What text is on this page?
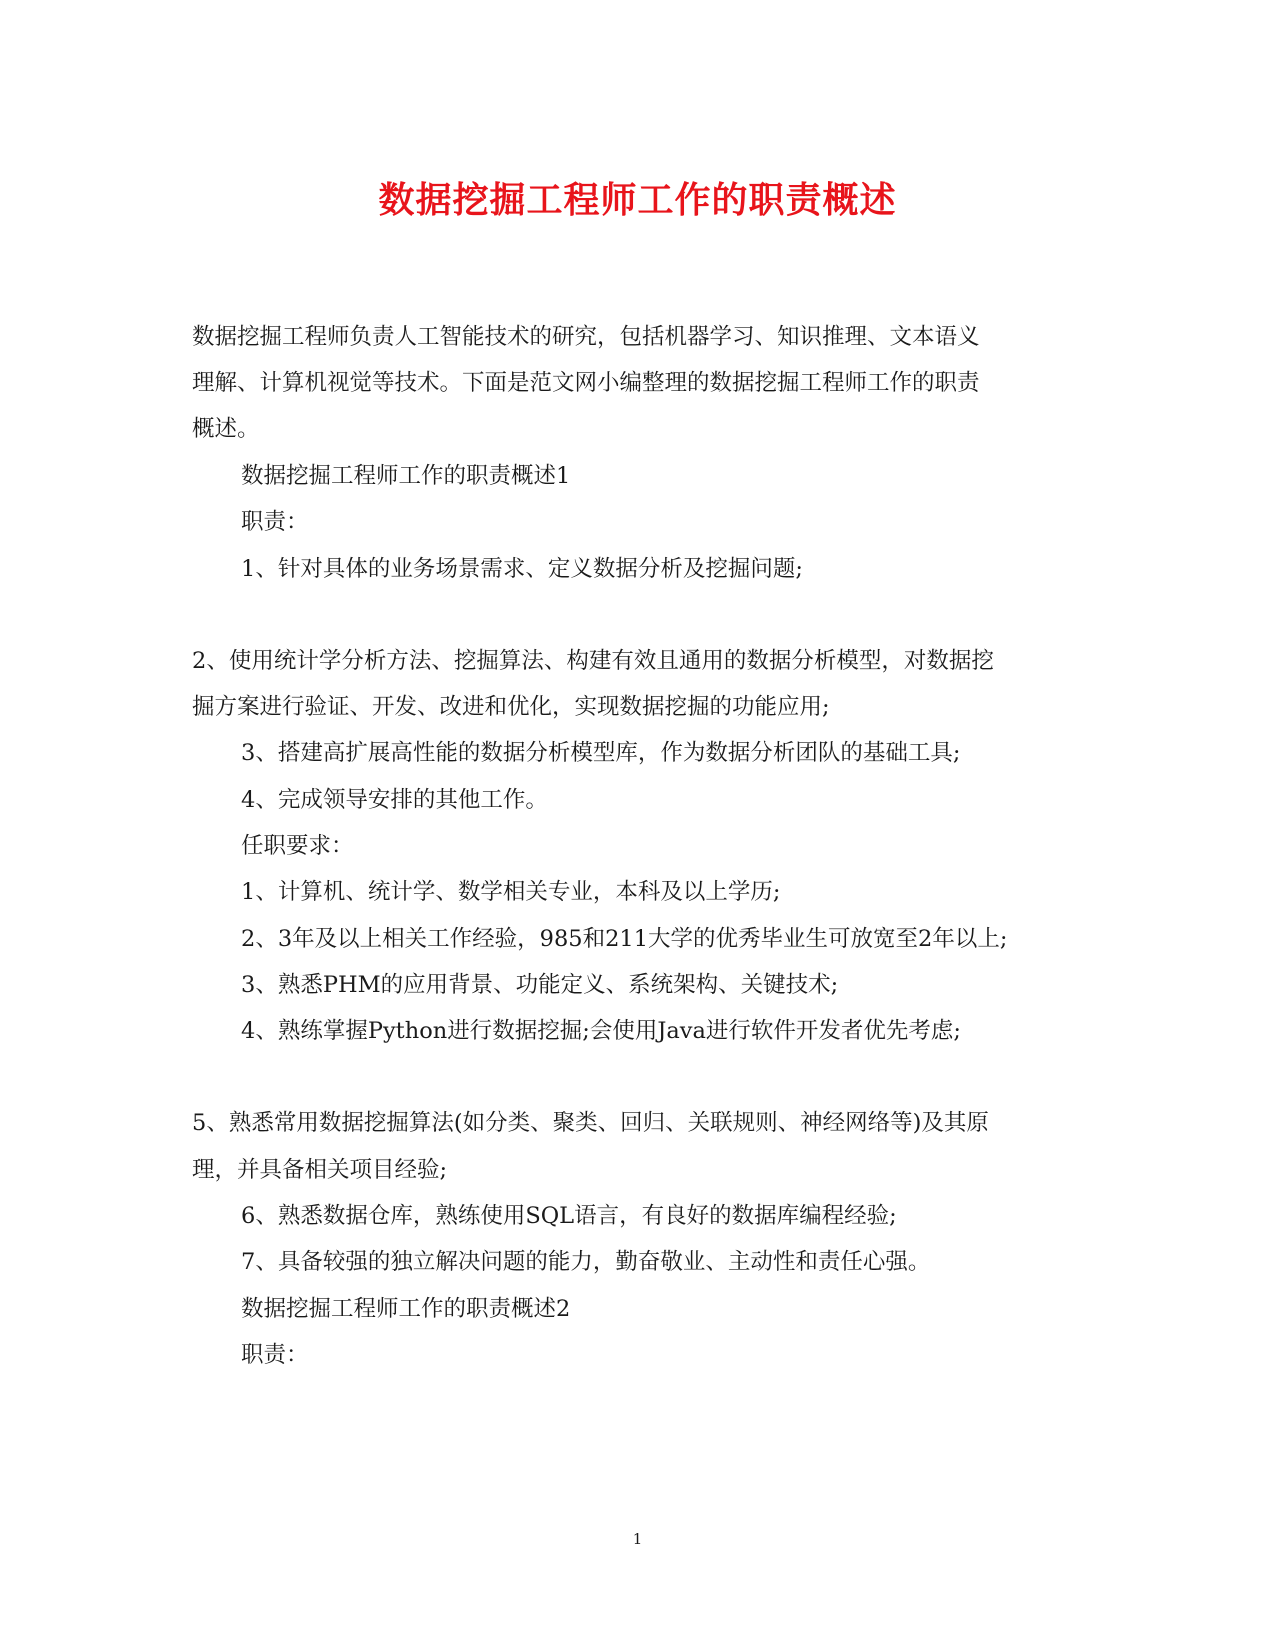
数据挖掘工程师工作的职责概述
数据挖掘工程师负责人工智能技术的研究，包括机器学习、知识推理、文本语义
理解、计算机视觉等技术。下面是范文网小编整理的数据挖掘工程师工作的职责
概述。
数据挖掘工程师工作的职责概述1
职责：
1、针对具体的业务场景需求、定义数据分析及挖掘问题;
2、使用统计学分析方法、挖掘算法、构建有效且通用的数据分析模型，对数据挖
掘方案进行验证、开发、改进和优化，实现数据挖掘的功能应用;
3、搭建高扩展高性能的数据分析模型库，作为数据分析团队的基础工具;
4、完成领导安排的其他工作。
任职要求：
1、计算机、统计学、数学相关专业，本科及以上学历;
2、3年及以上相关工作经验，985和211大学的优秀毕业生可放宽至2年以上;
3、熟悉PHM的应用背景、功能定义、系统架构、关键技术;
4、熟练掌握Python进行数据挖掘;会使用Java进行软件开发者优先考虑;
5、熟悉常用数据挖掘算法(如分类、聚类、回归、关联规则、神经网络等)及其原
理，并具备相关项目经验;
6、熟悉数据仓库，熟练使用SQL语言，有良好的数据库编程经验;
7、具备较强的独立解决问题的能力，勤奋敬业、主动性和责任心强。
数据挖掘工程师工作的职责概述2
职责：
1
